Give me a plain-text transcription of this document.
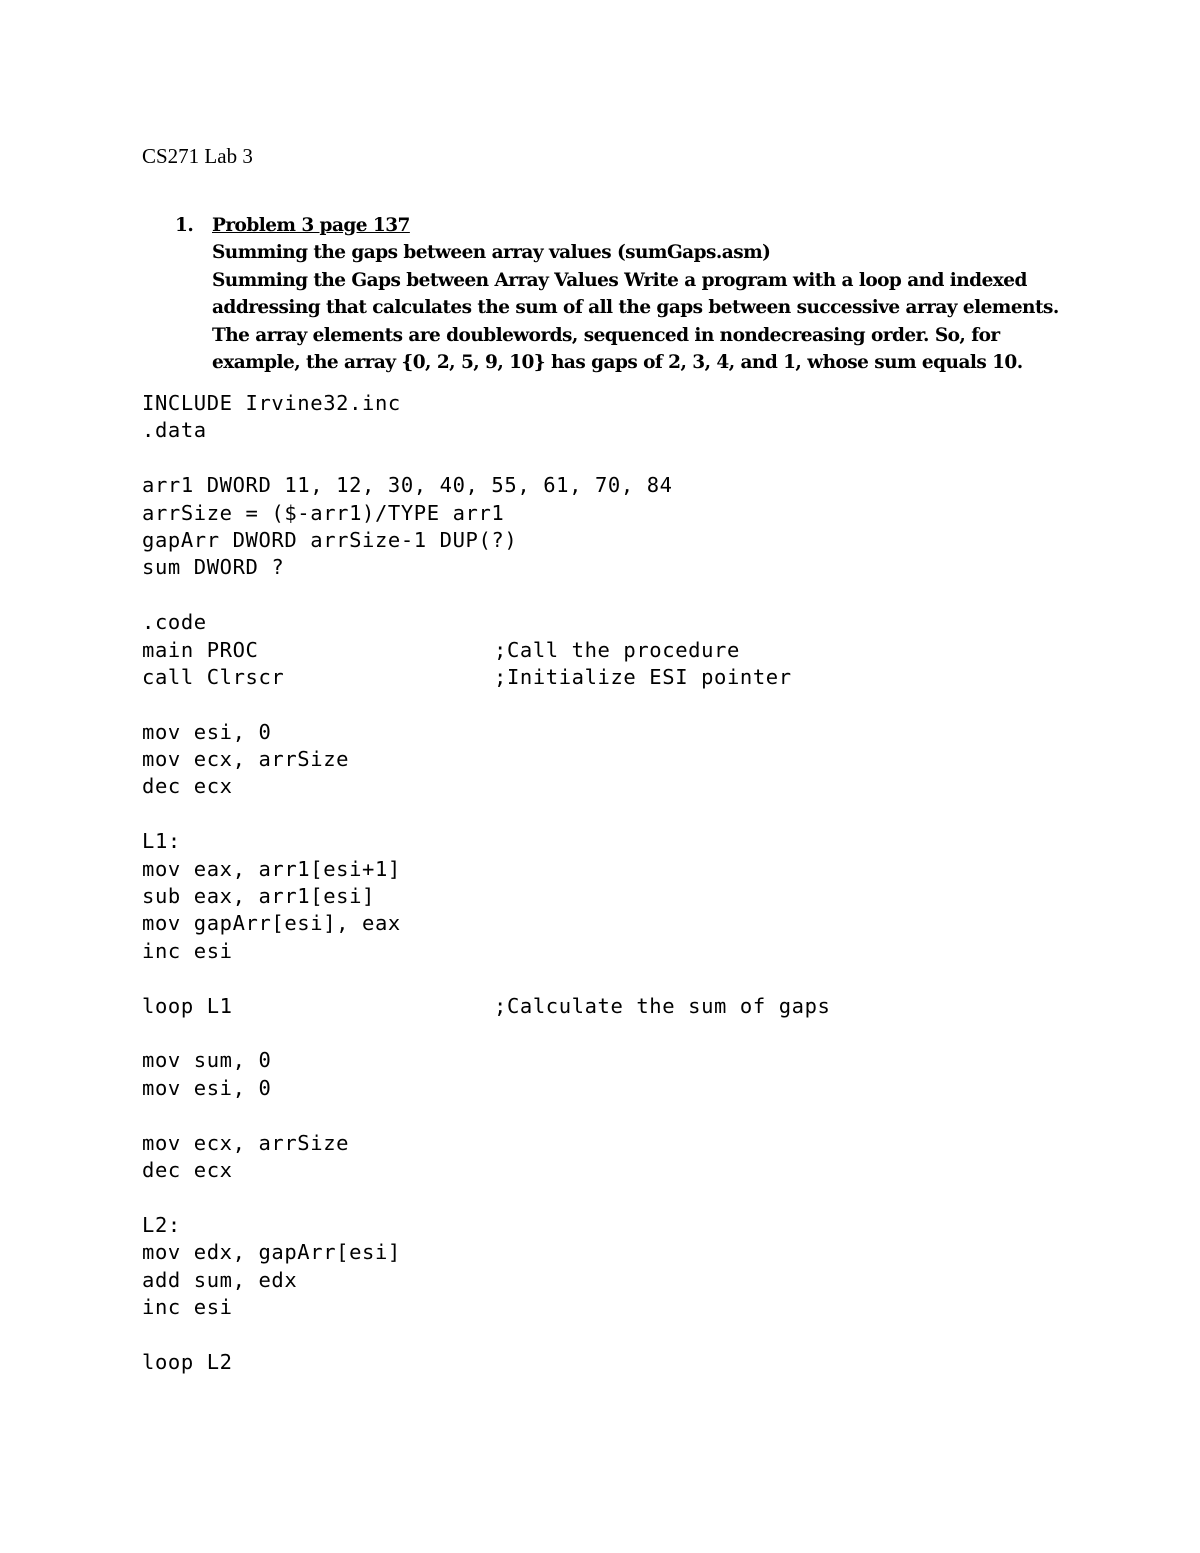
CS271 Lab 3
1. Problem 3 page 137
Summing the gaps between array values (sumGaps.asm)
Summing the Gaps between Array Values Write a program with a loop and indexed
addressing that calculates the sum of all the gaps between successive array elements.
The array elements are doublewords, sequenced in nondecreasing order. So, for
example, the array {0, 2, 5, 9, 10} has gaps of 2, 3, 4, and 1, whose sum equals 10.
INCLUDE Irvine32.inc
.data
arr1 DWORD 11, 12, 30, 40, 55, 61, 70, 84
arrSize = ($-arr1)/TYPE arr1
gapArr DWORD arrSize-1 DUP(?)
sum DWORD ?
.code
main PROC	;Call the procedure
call Clrscr	;Initialize ESI pointer
mov esi, 0
mov ecx, arrSize
dec ecx
L1:
mov eax, arr1[esi+1]
sub eax, arr1[esi]
mov gapArr[esi], eax
inc esi
loop L1	;Calculate the sum of gaps
mov sum, 0
mov esi, 0
mov ecx, arrSize
dec ecx
L2:
mov edx, gapArr[esi]
add sum, edx
inc esi
loop L2
